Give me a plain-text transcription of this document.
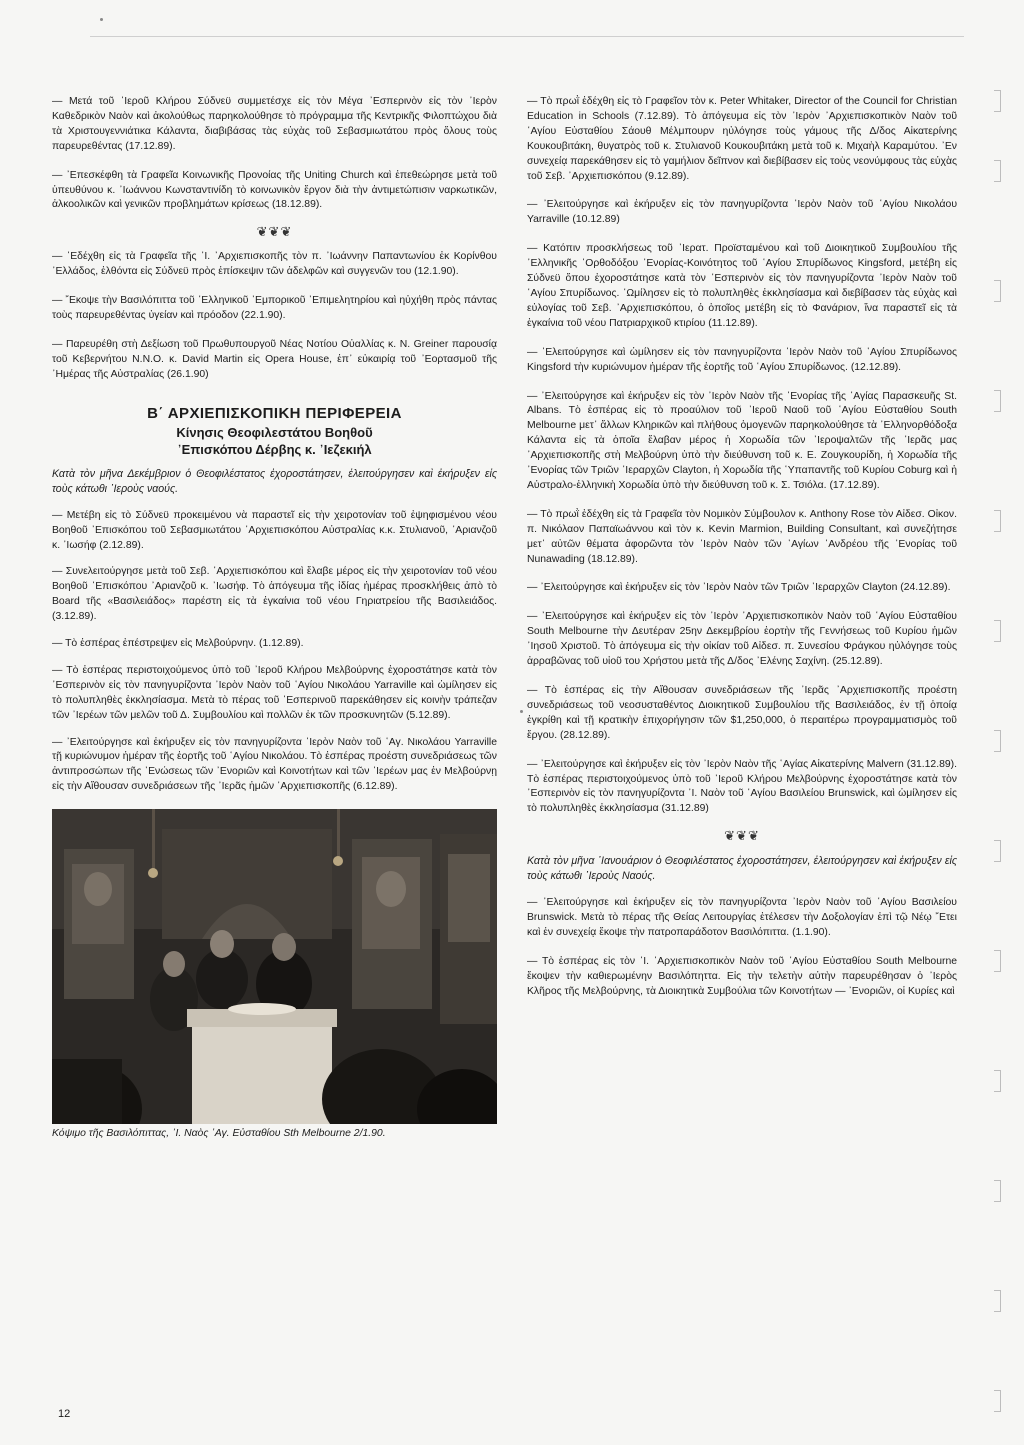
— Μετά τοῦ ᾿Ιεροῦ Κλήρου Σύδνεϋ συμμετέσχε εἰς τὸν Μέγα ᾿Εσπερινὸν εἰς τὸν ᾿Ιερὸν Καθεδρικὸν Ναὸν καὶ ἀκολούθως παρηκολούθησε τὸ πρόγραμμα τῆς Κεντρικῆς Φιλοπτώχου διὰ τὰ Χριστουγεννιάτικα Κάλαντα, διαβιβάσας τὰς εὐχὰς τοῦ Σεβασμιωτάτου πρὸς ὅλους τοὺς παρευρεθέντας (17.12.89).

— ᾿Επεσκέφθη τὰ Γραφεῖα Κοινωνικῆς Προνοίας τῆς Uniting Church καὶ ἐπεθεώρησε μετὰ τοῦ ὑπευθύνου κ. ᾿Ιωάννου Κωνσταντινίδη τὸ κοινωνικὸν ἔργον διὰ τὴν ἀντιμετώπισιν ναρκωτικῶν, ἀλκοολικῶν καὶ γενικῶν προβλημάτων κρίσεως (18.12.89).

❦❦❦

— ᾿Εδέχθη εἰς τὰ Γραφεῖα τῆς ᾿Ι. ᾿Αρχιεπισκοπῆς τὸν π. ᾿Ιωάννην Παπαντωνίου ἐκ Κορίνθου ᾿Ελλάδος, ἐλθόντα εἰς Σύδνεϋ πρὸς ἐπίσκεψιν τῶν ἀδελφῶν καὶ συγγενῶν του (12.1.90).

— ῎Εκοψε τὴν Βασιλόπιττα τοῦ ᾿Ελληνικοῦ ᾿Εμπορικοῦ ᾿Επιμελητηρίου καὶ ηὐχήθη πρὸς πάντας τοὺς παρευρεθέντας ὑγείαν καὶ πρόοδον (22.1.90).

— Παρευρέθη στὴ Δεξίωση τοῦ Πρωθυπουργοῦ Νέας Νοτίου Οὐαλλίας κ. N. Greiner παρουσίᾳ τοῦ Κεβερνήτου N.N.O. κ. David Martin εἰς Opera House, ἐπ᾿ εὐκαιρίᾳ τοῦ ᾿Εορτασμοῦ τῆς ᾿Ημέρας τῆς Αὐστραλίας (26.1.90)

Β΄ ΑΡΧΙΕΠΙΣΚΟΠΙΚΗ ΠΕΡΙΦΕΡΕΙΑ
Κίνησις Θεοφιλεστάτου Βοηθοῦ
᾿Επισκόπου Δέρβης κ. ᾿Ιεζεκιήλ

Κατὰ τὸν μῆνα Δεκέμβριον ὁ Θεοφιλέστατος ἐχοροστάτησεν, ἐλειτούργησεν καὶ ἐκήρυξεν εἰς τοὺς κάτωθι ᾿Ιεροὺς ναούς.

— Μετέβη εἰς τὸ Σύδνεϋ προκειμένου νὰ παραστεῖ εἰς τὴν χειροτονίαν τοῦ ἐψηφισμένου νέου Βοηθοῦ ᾿Επισκόπου τοῦ Σεβασμιωτάτου ᾿Αρχιεπισκόπου Αὐστραλίας κ.κ. Στυλιανοῦ, ᾿Αριανζοῦ κ. ᾿Ιωσήφ (2.12.89).

— Συνελειτούργησε μετὰ τοῦ Σεβ. ᾿Αρχιεπισκόπου καὶ ἔλαβε μέρος εἰς τὴν χειροτονίαν τοῦ νέου Βοηθοῦ ᾿Επισκόπου ᾿Αριανζοῦ κ. ᾿Ιωσήφ. Τὸ ἀπόγευμα τῆς ἰδίας ἡμέρας προσκλήθεις ἀπὸ τὸ Board τῆς «Βασιλειάδος» παρέστη εἰς τὰ ἐγκαίνια τοῦ νέου Γηριατρείου τῆς Βασιλειάδος. (3.12.89).

— Τὸ ἑσπέρας ἐπέστρεψεν εἰς Μελβούρνην. (1.12.89).

— Τὸ ἑσπέρας περιστοιχούμενος ὑπὸ τοῦ ᾿Ιεροῦ Κλήρου Μελβούρνης ἐχοροστάτησε κατὰ τὸν ᾿Εσπερινὸν εἰς τὸν πανηγυρίζοντα ᾿Ιερὸν Ναὸν τοῦ ῾Αγίου Νικολάου Yarraville καὶ ὡμίλησεν εἰς τὸ πολυπληθὲς ἐκκλησίασμα. Μετὰ τὸ πέρας τοῦ ᾿Εσπερινοῦ παρεκάθησεν εἰς κοινὴν τράπεζαν τῶν ᾿Ιερέων τῶν μελῶν τοῦ Δ. Συμβουλίου καὶ πολλῶν ἐκ τῶν προσκυνητῶν (5.12.89).

— ᾿Ελειτούργησε καὶ ἐκήρυξεν εἰς τὸν πανηγυρίζοντα ᾿Ιερὸν Ναὸν τοῦ ῾Αγ. Νικολάου Yarraville τῇ κυριώνυμον ἡμέραν τῆς ἑορτῆς τοῦ ῾Αγίου Νικολάου. Τὸ ἑσπέρας προέστη συνεδριάσεως τῶν ἀντιπροσώπων τῆς ᾿Ενώσεως τῶν ᾿Ενοριῶν καὶ Κοινοτήτων καὶ τῶν ᾿Ιερέων μας ἐν Μελβούρνῃ εἰς τὴν Αἴθουσαν συνεδριάσεων τῆς ᾿Ιερᾶς ἡμῶν ᾿Αρχιεπισκοπῆς (6.12.89).

Κόψιμο τῆς Βασιλόπιττας, ᾿Ι. Ναὸς ῾Αγ. Εὐσταθίου Sth Melbourne 2/1.90.

— Τὸ πρωῒ ἐδέχθη εἰς τὸ Γραφεῖον τὸν κ. Peter Whitaker, Director of the Council for Christian Education in Schools (7.12.89). Τὸ ἀπόγευμα εἰς τὸν ᾿Ιερὸν ᾿Αρχιεπισκοπικὸν Ναὸν τοῦ ῾Αγίου Εὐσταθίου Σάουθ Μέλμπουρν ηὐλόγησε τοὺς γάμους τῆς Δ/δος Αἰκατερίνης Κουκουβιτάκη, θυγατρὸς τοῦ κ. Στυλιανοῦ Κουκουβιτάκη μετὰ τοῦ κ. Μιχαὴλ Καραμύτου. ᾿Εν συνεχείᾳ παρεκάθησεν εἰς τὸ γαμήλιον δεῖπνον καὶ διεβίβασεν εἰς τοὺς νεονύμφους τὰς εὐχὰς τοῦ Σεβ. ᾿Αρχιεπισκόπου (9.12.89).

— ᾿Ελειτούργησε καὶ ἐκήρυξεν εἰς τὸν πανηγυρίζοντα ᾿Ιερὸν Ναὸν τοῦ ῾Αγίου Νικολάου Yarraville (10.12.89)

— Κατόπιν προσκλήσεως τοῦ ᾿Ιερατ. Προϊσταμένου καὶ τοῦ Διοικητικοῦ Συμβουλίου τῆς ᾿Ελληνικῆς ᾿Ορθοδόξου ᾿Ενορίας-Κοινότητος τοῦ ῾Αγίου Σπυρίδωνος Kingsford, μετέβη εἰς Σύδνεϋ ὅπου ἐχοροστάτησε κατὰ τὸν ᾿Εσπερινὸν εἰς τὸν πανηγυρίζοντα ᾿Ιερὸν Ναὸν τοῦ ῾Αγίου Σπυρίδωνος. ῾Ωμίλησεν εἰς τὸ πολυπληθὲς ἐκκλησίασμα καὶ διεβίβασεν τὰς εὐχὰς καὶ εὐλογίας τοῦ Σεβ. ᾿Αρχιεπισκόπου, ὁ ὁποῖος μετέβη εἰς τὸ Φανάριον, ἵνα παραστεῖ εἰς τὰ ἐγκαίνια τοῦ νέου Πατριαρχικοῦ κτιρίου (11.12.89).

— ᾿Ελειτούργησε καὶ ὡμίλησεν εἰς τὸν πανηγυρίζοντα ᾿Ιερὸν Ναὸν τοῦ ῾Αγίου Σπυρίδωνος Kingsford τὴν κυριώνυμον ἡμέραν τῆς ἑορτῆς τοῦ ῾Αγίου Σπυρίδωνος. (12.12.89).

— ᾿Ελειτούργησε καὶ ἐκήρυξεν εἰς τὸν ᾿Ιερὸν Ναὸν τῆς ᾿Ενορίας τῆς ῾Αγίας Παρασκευῆς St. Albans. Τὸ ἑσπέρας εἰς τὸ προαύλιον τοῦ ᾿Ιεροῦ Ναοῦ τοῦ ῾Αγίου Εὐσταθίου South Melbourne μετ᾿ ἄλλων Κληρικῶν καὶ πλήθους ὁμογενῶν παρηκολούθησε τὰ ᾿Ελληνορθόδοξα Κάλαντα εἰς τὰ ὁποῖα ἔλαβαν μέρος ἡ Χορωδία τῶν ᾿Ιεροψαλτῶν τῆς ᾿Ιερᾶς μας ᾿Αρχιεπισκοπῆς στὴ Μελβούρνη ὑπὸ τὴν διεύθυνση τοῦ κ. Ε. Ζουγκουρίδη, ἡ Χορωδία τῆς ᾿Ενορίας τῶν Τριῶν ᾿Ιεραρχῶν Clayton, ἡ Χορωδία τῆς ῾Υπαπαντῆς τοῦ Κυρίου Coburg καὶ ἡ Αὐστραλο-ἑλληνικὴ Χορωδία ὑπὸ τὴν διεύθυνση τοῦ κ. Σ. Τσιόλα. (17.12.89).

— Τὸ πρωῒ ἐδέχθη εἰς τὰ Γραφεῖα τὸν Νομικὸν Σύμβουλον κ. Anthony Rose τὸν Αἰδεσ. Οἰκον. π. Νικόλαον Παπαϊωάννου καὶ τὸν κ. Kevin Marmion, Building Consultant, καὶ συνεζήτησε μετ᾿ αὐτῶν θέματα ἀφορῶντα τὸν ᾿Ιερὸν Ναὸν τῶν ῾Αγίων ᾿Ανδρέου τῆς ᾿Ενορίας τοῦ Nunawading (18.12.89).

— ᾿Ελειτούργησε καὶ ἐκήρυξεν εἰς τὸν ᾿Ιερὸν Ναὸν τῶν Τριῶν ᾿Ιεραρχῶν Clayton (24.12.89).

— ᾿Ελειτούργησε καὶ ἐκήρυξεν εἰς τὸν ᾿Ιερὸν ᾿Αρχιεπισκοπικὸν Ναὸν τοῦ ῾Αγίου Εὐσταθίου South Melbourne τὴν Δευτέραν 25ην Δεκεμβρίου ἑορτὴν τῆς Γεννήσεως τοῦ Κυρίου ἡμῶν ᾿Ιησοῦ Χριστοῦ. Τὸ ἀπόγευμα εἰς τὴν οἰκίαν τοῦ Αἰδεσ. π. Συνεσίου Φράγκου ηὐλόγησε τοὺς ἀρραβῶνας τοῦ υἱοῦ του Χρήστου μετὰ τῆς Δ/δος ᾿Ελένης Σαχίνη. (25.12.89).

— Τὸ ἑσπέρας εἰς τὴν Αἴθουσαν συνεδριάσεων τῆς ᾿Ιερᾶς ᾿Αρχιεπισκοπῆς προέστη συνεδριάσεως τοῦ νεοσυσταθέντος Διοικητικοῦ Συμβουλίου τῆς Βασιλειάδος, ἐν τῇ ὁποίᾳ ἐγκρίθη καὶ τῇ κρατικὴν ἐπιχορήγησιν τῶν $1,250,000, ὁ περαιτέρω προγραμματισμὸς τοῦ ἔργου. (28.12.89).

— ᾿Ελειτούργησε καὶ ἐκήρυξεν εἰς τὸν ᾿Ιερὸν Ναὸν τῆς ῾Αγίας Αἰκατερίνης Malvern (31.12.89). Τὸ ἑσπέρας περιστοιχούμενος ὑπὸ τοῦ ᾿Ιεροῦ Κλήρου Μελβούρνης ἐχοροστάτησε κατὰ τὸν ᾿Εσπερινὸν εἰς τὸν πανηγυρίζοντα ᾿Ι. Ναὸν τοῦ ῾Αγίου Βασιλείου Brunswick, καὶ ὡμίλησεν εἰς τὸ πολυπληθὲς ἐκκλησίασμα (31.12.89)

❦❦❦

Κατὰ τὸν μῆνα ᾿Ιανουάριον ὁ Θεοφιλέστατος ἐχοροστάτησεν, ἐλειτούργησεν καὶ ἐκήρυξεν εἰς τοὺς κάτωθι ᾿Ιεροὺς Ναούς.

— ᾿Ελειτούργησε καὶ ἐκήρυξεν εἰς τὸν πανηγυρίζοντα ᾿Ιερὸν Ναὸν τοῦ ῾Αγίου Βασιλείου Brunswick. Μετὰ τὸ πέρας τῆς Θείας Λειτουργίας ἐτέλεσεν τὴν Δοξολογίαν ἐπὶ τῷ Νέῳ ῎Ετει καὶ ἐν συνεχείᾳ ἔκοψε τὴν πατροπαράδοτον Βασιλόπιττα. (1.1.90).

— Τὸ ἑσπέρας εἰς τὸν ᾿Ι. ᾿Αρχιεπισκοπικὸν Ναὸν τοῦ ῾Αγίου Εὐσταθίου South Melbourne ἔκοψεν τὴν καθιερωμένην Βασιλόπηττα. Εἰς τὴν τελετὴν αὐτὴν παρευρέθησαν ὁ ᾿Ιερὸς Κλῆρος τῆς Μελβούρνης, τὰ Διοικητικὰ Συμβούλια τῶν Κοινοτήτων — ᾿Ενοριῶν, οἱ Κυρίες καὶ

12
